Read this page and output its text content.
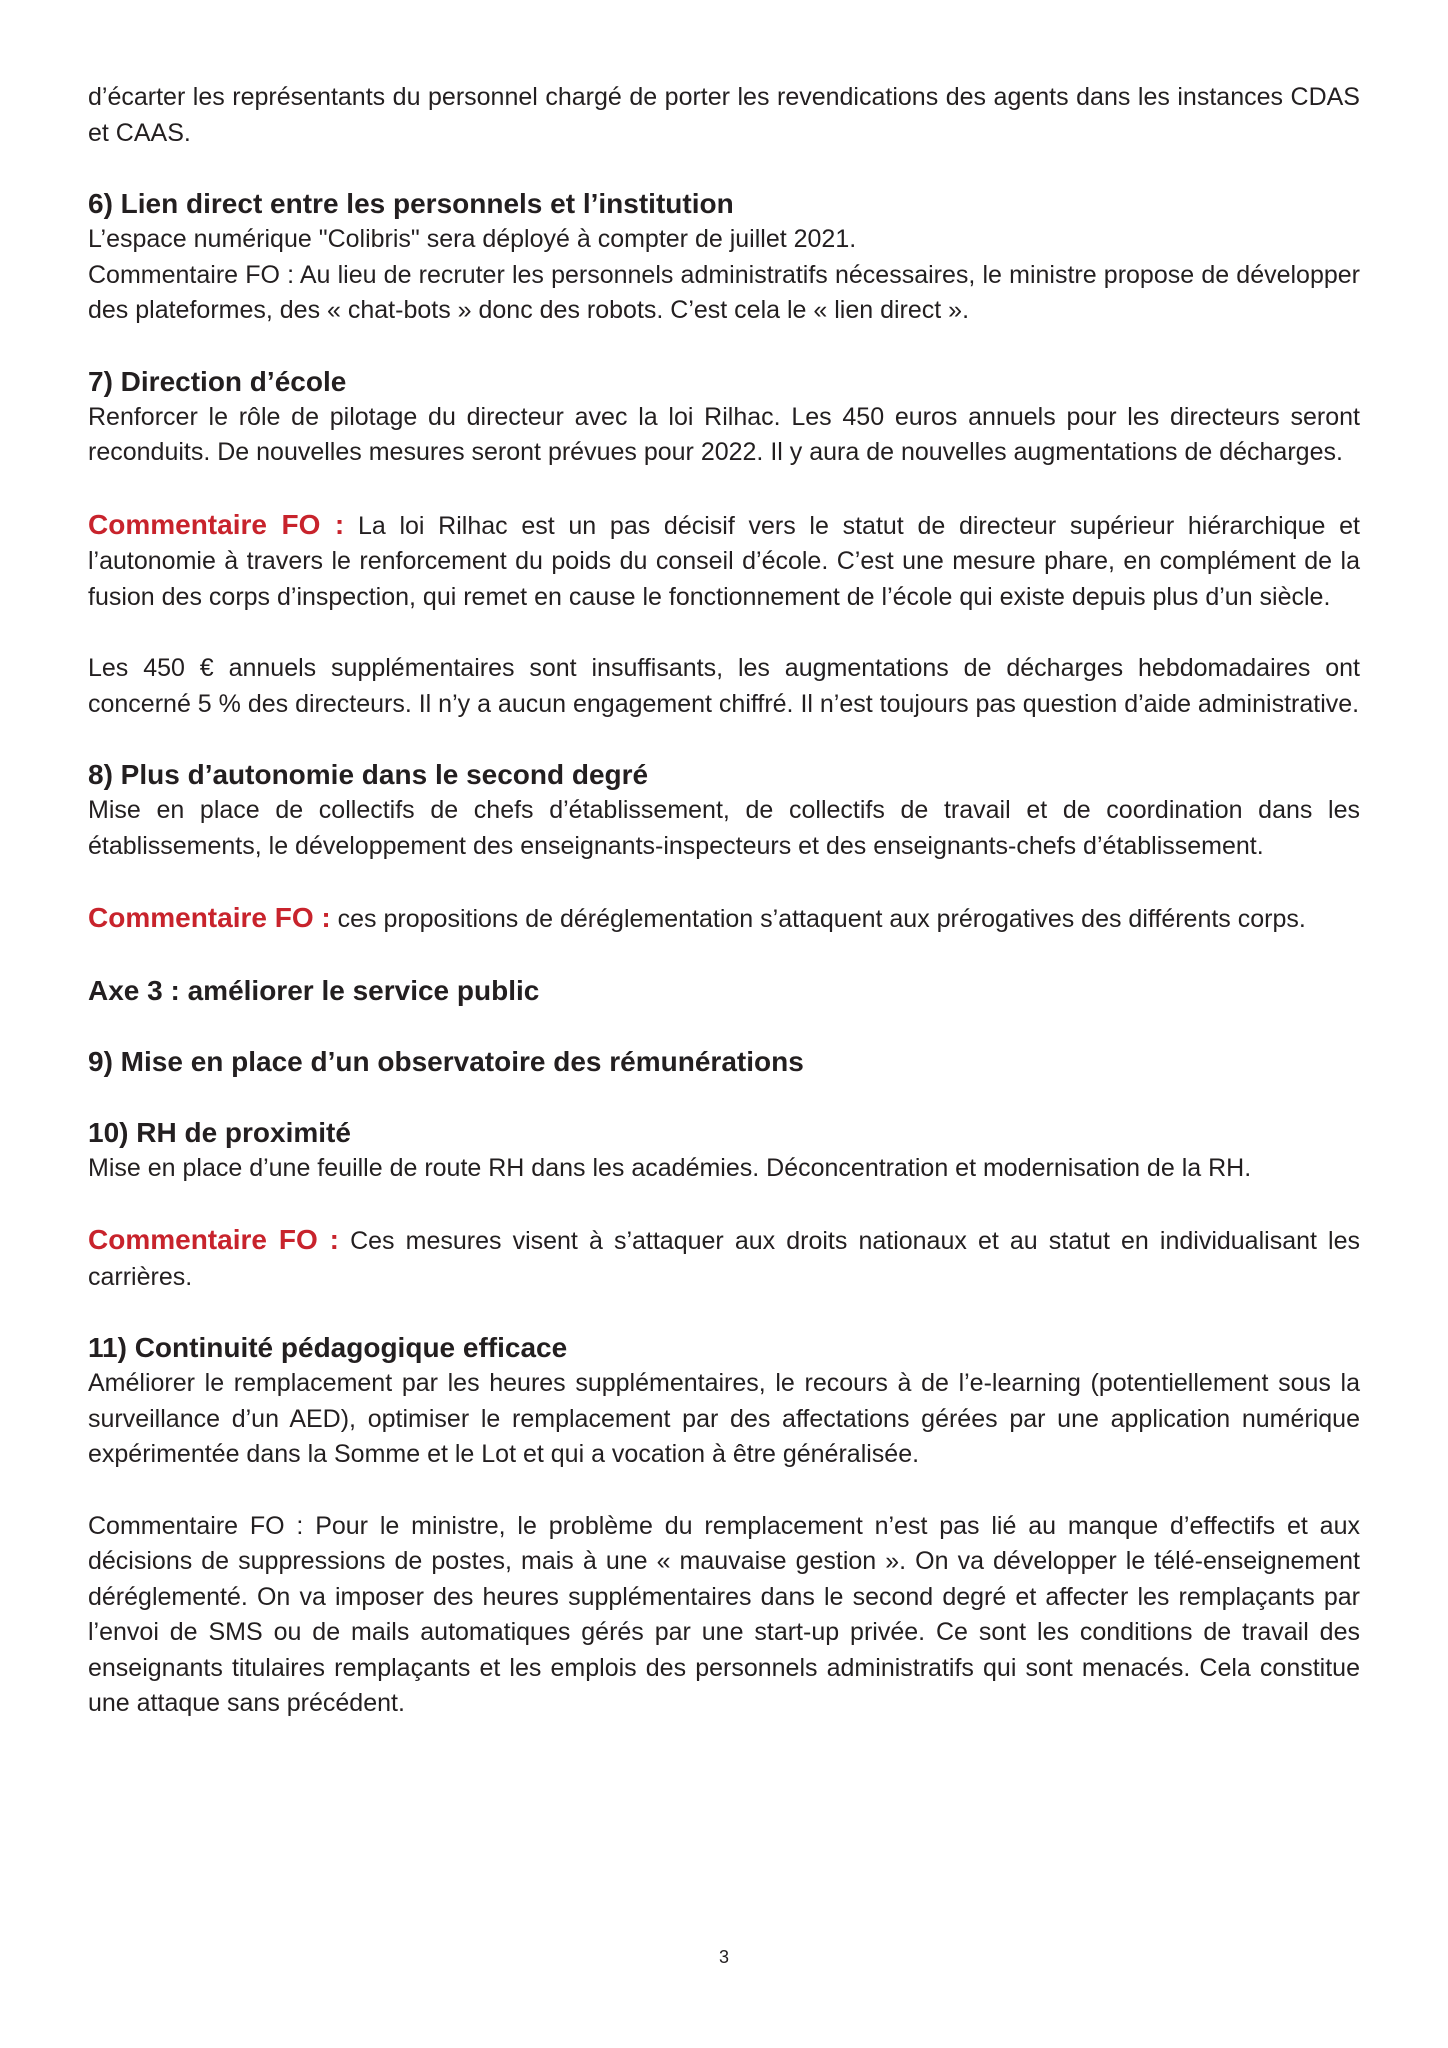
d’écarter les représentants du personnel chargé de porter les revendications des agents dans les instances CDAS et CAAS.

6) Lien direct entre les personnels et l’institution

L’espace numérique "Colibris" sera déployé à compter de juillet 2021.

Commentaire FO : Au lieu de recruter les personnels administratifs nécessaires, le ministre propose de développer des plateformes, des « chat-bots » donc des robots. C’est cela le « lien direct ».

7) Direction d’école

Renforcer le rôle de pilotage du directeur avec la loi Rilhac. Les 450 euros annuels pour les directeurs seront reconduits. De nouvelles mesures seront prévues pour 2022. Il y aura de nouvelles augmentations de décharges.

Commentaire FO : La loi Rilhac est un pas décisif vers le statut de directeur supérieur hiérarchique et l’autonomie à travers le renforcement du poids du conseil d’école. C’est une mesure phare, en complément de la fusion des corps d’inspection, qui remet en cause le fonctionnement de l’école qui existe depuis plus d’un siècle.

Les 450 € annuels supplémentaires sont insuffisants, les augmentations de décharges hebdomadaires ont concerné 5 % des directeurs. Il n’y a aucun engagement chiffré. Il n’est toujours pas question d’aide administrative.

8) Plus d’autonomie dans le second degré

Mise en place de collectifs de chefs d’établissement, de collectifs de travail et de coordination dans les établissements, le développement des enseignants-inspecteurs et des enseignants-chefs d’établissement.

Commentaire FO : ces propositions de déréglementation s’attaquent aux prérogatives des différents corps.

Axe 3 : améliorer le service public
9) Mise en place d’un observatoire des rémunérations
10) RH de proximité

Mise en place d’une feuille de route RH dans les académies. Déconcentration et modernisation de la RH.

Commentaire FO : Ces mesures visent à s’attaquer aux droits nationaux et au statut en individualisant les carrières.

11) Continuité pédagogique efficace

Améliorer le remplacement par les heures supplémentaires, le recours à de l’e-learning (potentiellement sous la surveillance d’un AED), optimiser le remplacement par des affectations gérées par une application numérique expérimentée dans la Somme et le Lot et qui a vocation à être généralisée.

Commentaire FO : Pour le ministre, le problème du remplacement n’est pas lié au manque d’effectifs et aux décisions de suppressions de postes, mais à une « mauvaise gestion ». On va développer le télé-enseignement déréglementé. On va imposer des heures supplémentaires dans le second degré et affecter les remplaçants par l’envoi de SMS ou de mails automatiques gérés par une start-up privée. Ce sont les conditions de travail des enseignants titulaires remplaçants et les emplois des personnels administratifs qui sont menacés. Cela constitue une attaque sans précédent.

3
